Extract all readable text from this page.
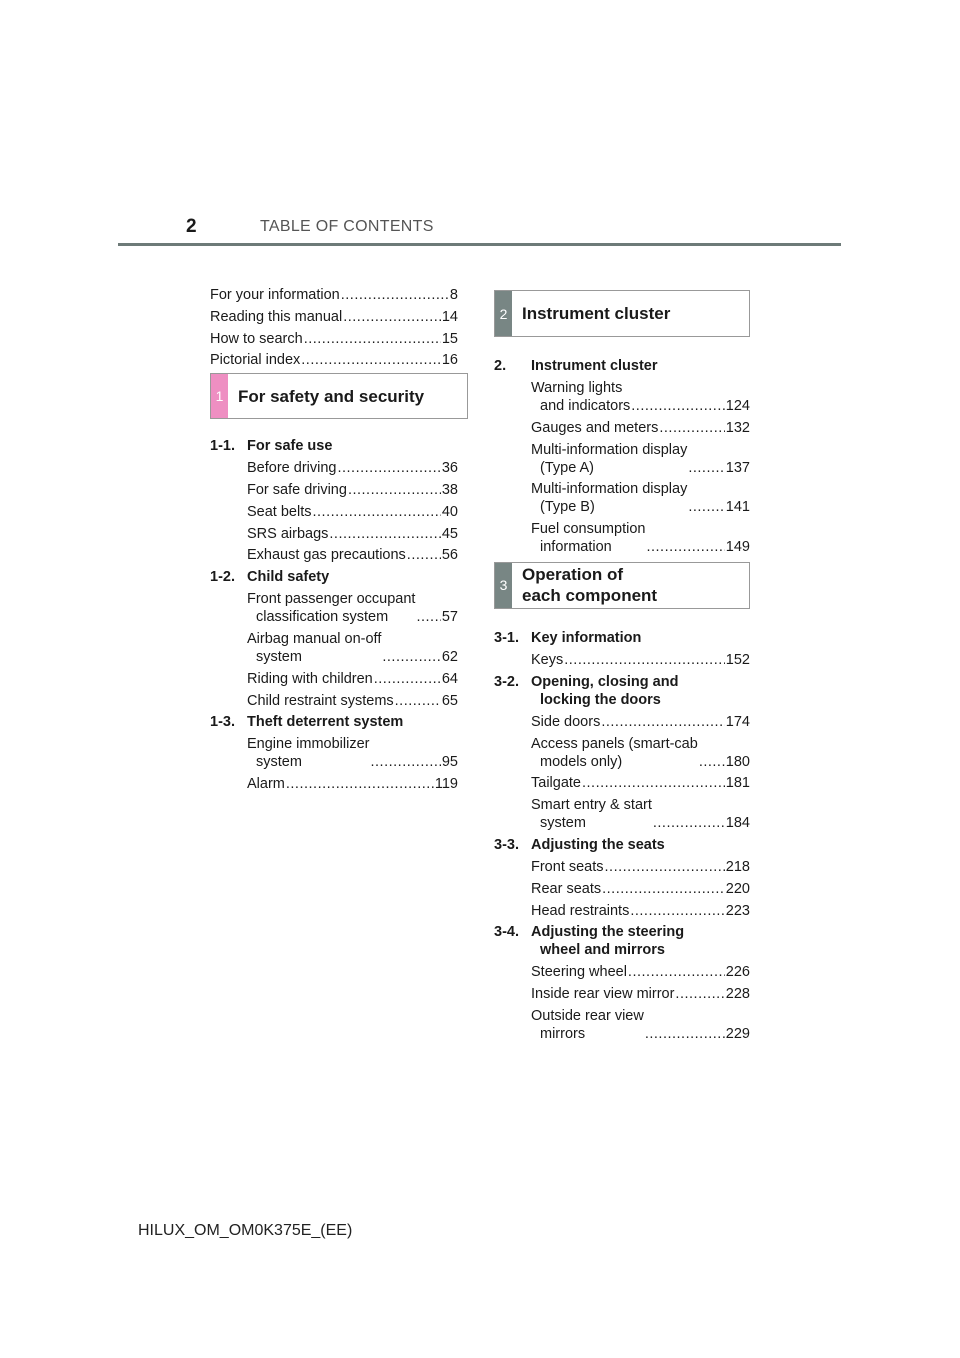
2	TABLE OF CONTENTS
For your information .....	8
Reading this manual .....	14
How to search .....	15
Pictorial index .....	16
1 For safety and security
1-1. For safe use
Before driving .....	36
For safe driving .....	38
Seat belts .....	40
SRS airbags .....	45
Exhaust gas precautions ..... 56
1-2. Child safety
Front passenger occupant
classification system .....	57
Airbag manual on-off
system .....	62
Riding with children .....	64
Child restraint systems .....	65
1-3. Theft deterrent system
Engine immobilizer
system .....	95
Alarm .....	119
2 Instrument cluster
2.	Instrument cluster
Warning lights
and indicators .....	124
Gauges and meters .....	132
Multi-information display
(Type A) .....	137
Multi-information display
(Type B) .....	141
Fuel consumption
information .....	149
3
Operation of
each component
3-1. Key information
Keys .....	152
3-2. Opening, closing and
locking the doors
Side doors .....	174
Access panels (smart-cab
models only) .....	180
Tailgate .....	181
Smart entry & start
system .....	184
3-3. Adjusting the seats
Front seats .....	218
Rear seats .....	220
Head restraints .....	223
3-4. Adjusting the steering
wheel and mirrors
Steering wheel .....	226
Inside rear view mirror .....	228
Outside rear view
mirrors .....	229
HILUX_OM_OM0K375E_(EE)
